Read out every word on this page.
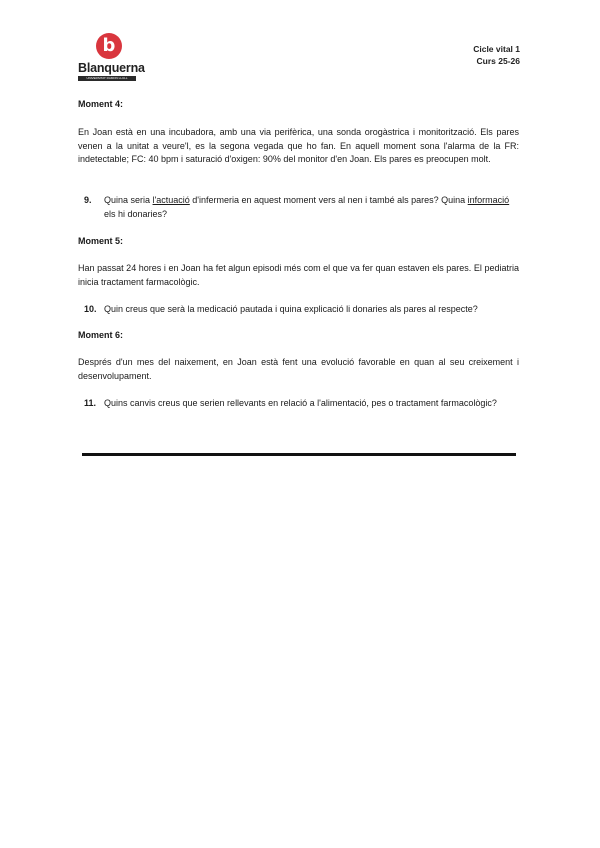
b
Blanquerna
UNIVERSITAT RAMON LLULL
Cicle vital 1
Curs 25-26

Moment 4:

En Joan està en una incubadora, amb una via perifèrica, una sonda orogàstrica i monitorització. Els pares venen a la unitat a veure'l, es la segona vegada que ho fan. En aquell moment sona l'alarma de la FR: indetectable; FC: 40 bpm i saturació d'oxigen: 90% del monitor d'en Joan. Els pares es preocupen molt.

9.	Quina seria l'actuació d'infermeria en aquest moment vers al nen i també als pares? Quina informació els hi donaries?

Moment 5:

Han passat 24 hores i en Joan ha fet algun episodi més com el que va fer quan estaven els pares. El pediatria inicia tractament farmacològic.

10. Quin creus que serà la medicació pautada i quina explicació li donaries als pares al respecte?

Moment 6:

Després d'un mes del naixement, en Joan està fent una evolució favorable en quan al seu creixement i desenvolupament.

11. Quins canvis creus que serien rellevants en relació a l'alimentació, pes o tractament farmacològic?
